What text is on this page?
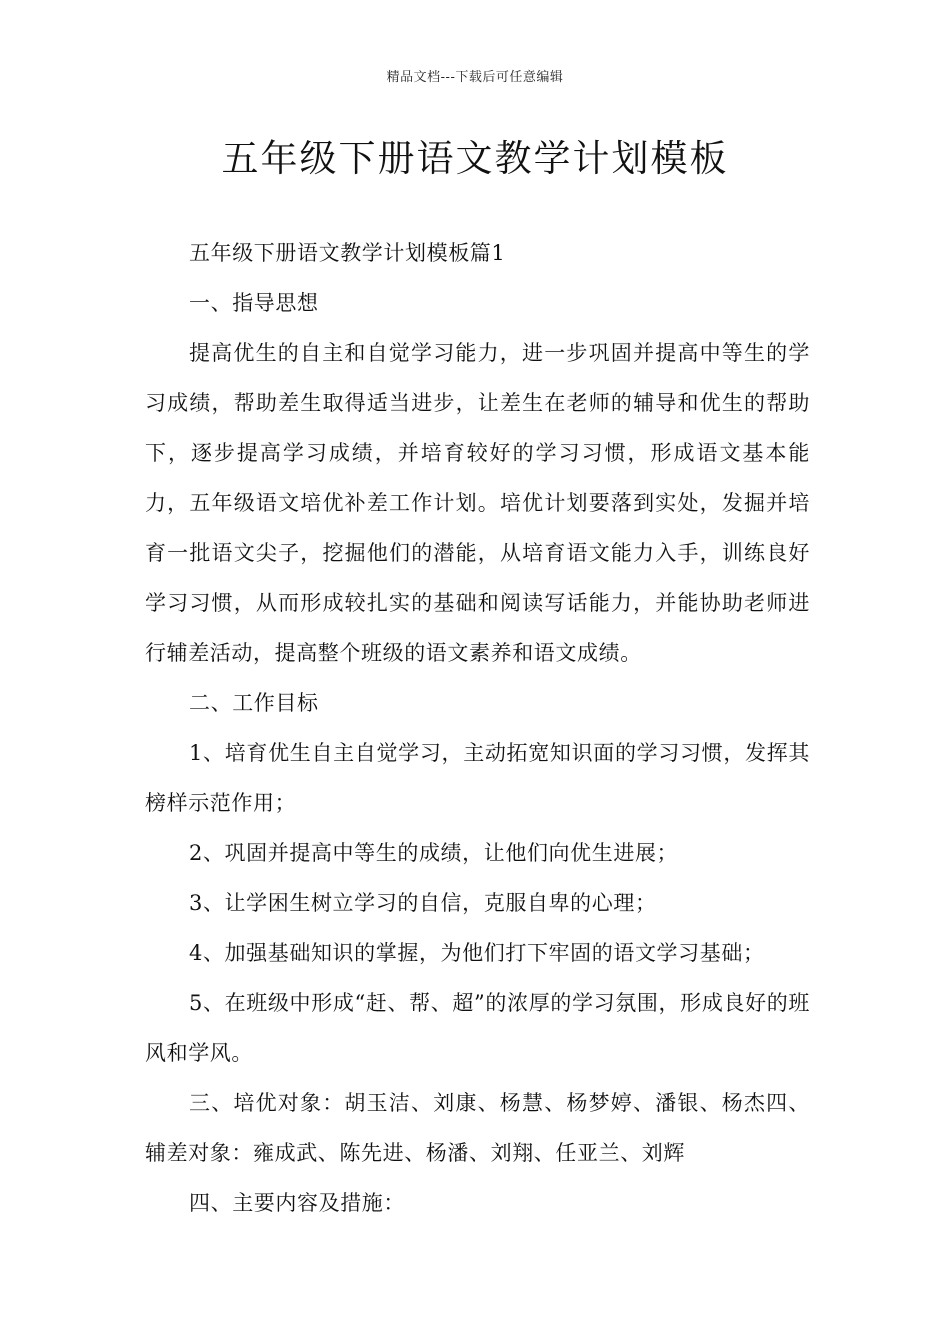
精品文档---下载后可任意编辑
五年级下册语文教学计划模板

五年级下册语文教学计划模板篇1

一、指导思想

提高优生的自主和自觉学习能力，进一步巩固并提高中等生的学习成绩，帮助差生取得适当进步，让差生在老师的辅导和优生的帮助下，逐步提高学习成绩，并培育较好的学习习惯，形成语文基本能力，五年级语文培优补差工作计划。培优计划要落到实处，发掘并培育一批语文尖子，挖掘他们的潜能，从培育语文能力入手，训练良好学习习惯，从而形成较扎实的基础和阅读写话能力，并能协助老师进行辅差活动，提高整个班级的语文素养和语文成绩。

二、工作目标

1、培育优生自主自觉学习，主动拓宽知识面的学习习惯，发挥其榜样示范作用；

2、巩固并提高中等生的成绩，让他们向优生进展；

3、让学困生树立学习的自信，克服自卑的心理；

4、加强基础知识的掌握，为他们打下牢固的语文学习基础；

5、在班级中形成“赶、帮、超”的浓厚的学习氛围，形成良好的班风和学风。

三、培优对象：胡玉洁、刘康、杨慧、杨梦婷、潘银、杨杰四、辅差对象：雍成武、陈先进、杨潘、刘翔、任亚兰、刘辉

四、主要内容及措施：
